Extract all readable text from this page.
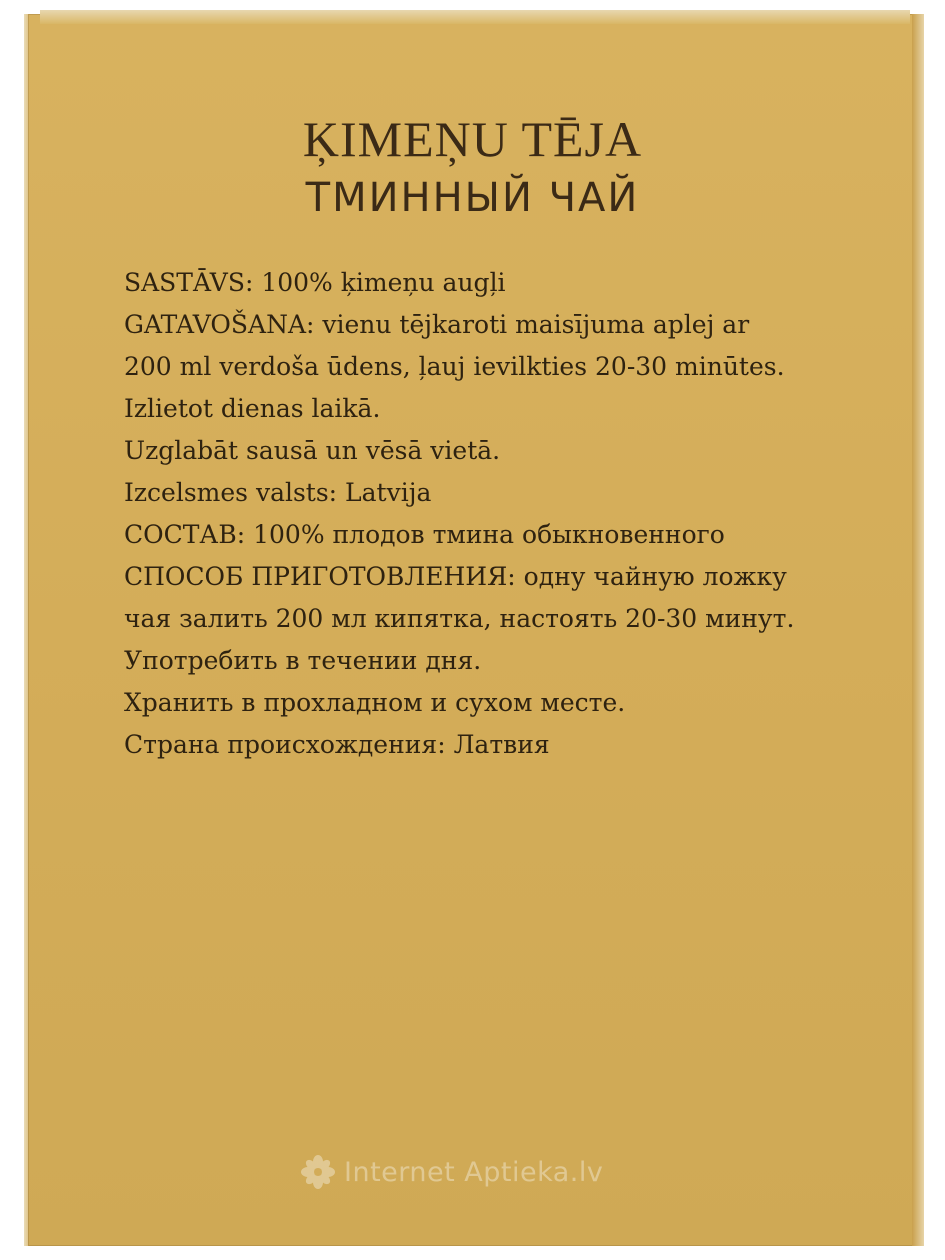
ĶIMEŅU TĒJA
ТМИННЫЙ ЧАЙ
SASTĀVS: 100% ķimeņu augļi
GATAVOŠANA: vienu tējkaroti maisījuma aplej ar
200 ml verdoša ūdens, ļauj ievilkties 20-30 minūtes.
Izlietot dienas laikā.
Uzglabāt sausā un vēsā vietā.
Izcelsmes valsts: Latvija
СОСТАВ: 100% плодов тмина обыкновенного
СПОСОБ ПРИГОТОВЛЕНИЯ: одну чайную ложку
чая залить 200 мл кипятка, настоять 20-30 минут.
Употребить в течении дня.
Хранить в прохладном и сухом месте.
Страна происхождения: Латвия
Internet Aptieka.lv
